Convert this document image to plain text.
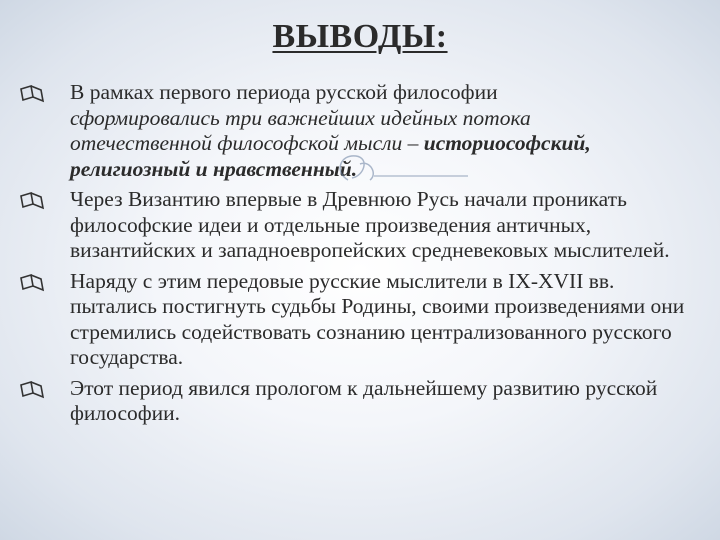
ВЫВОДЫ:
В рамках первого периода русской философии
сформировались три важнейших идейных потока
отечественной философской мысли – историософский, религиозный и нравственный.
Через Византию впервые в Древнюю Русь начали проникать философские идеи и отдельные произведения античных, византийских и западноевропейских средневековых мыслителей.
Наряду с этим передовые русские мыслители в IX-XVII вв. пытались постигнуть судьбы Родины, своими произведениями они стремились содействовать сознанию централизованного русского государства.
Этот период явился прологом к дальнейшему развитию русской философии.
